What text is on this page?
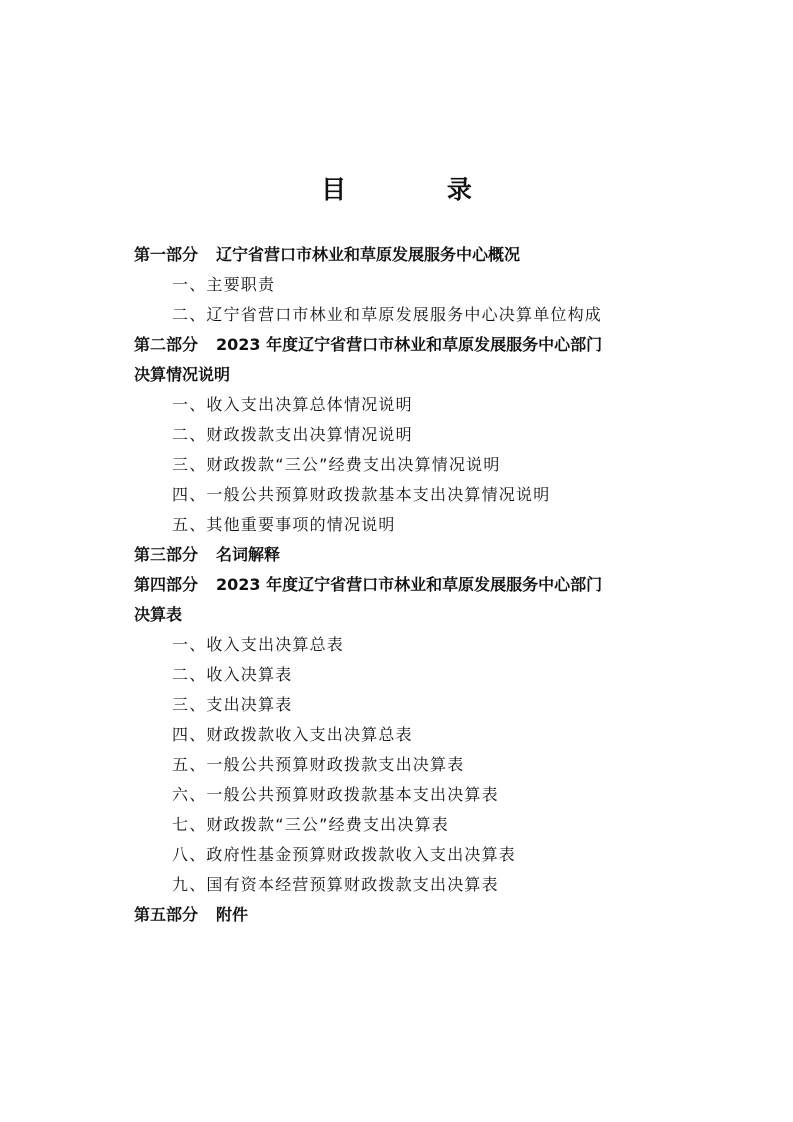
目 录
第一部分 辽宁省营口市林业和草原发展服务中心概况
一、主要职责
二、辽宁省营口市林业和草原发展服务中心决算单位构成
第二部分 2023 年度辽宁省营口市林业和草原发展服务中心部门
决算情况说明
一、收入支出决算总体情况说明
二、财政拨款支出决算情况说明
三、财政拨款“三公”经费支出决算情况说明
四、一般公共预算财政拨款基本支出决算情况说明
五、其他重要事项的情况说明
第三部分 名词解释
第四部分 2023 年度辽宁省营口市林业和草原发展服务中心部门
决算表
一、收入支出决算总表
二、收入决算表
三、支出决算表
四、财政拨款收入支出决算总表
五、一般公共预算财政拨款支出决算表
六、一般公共预算财政拨款基本支出决算表
七、财政拨款“三公”经费支出决算表
八、政府性基金预算财政拨款收入支出决算表
九、国有资本经营预算财政拨款支出决算表
第五部分 附件
